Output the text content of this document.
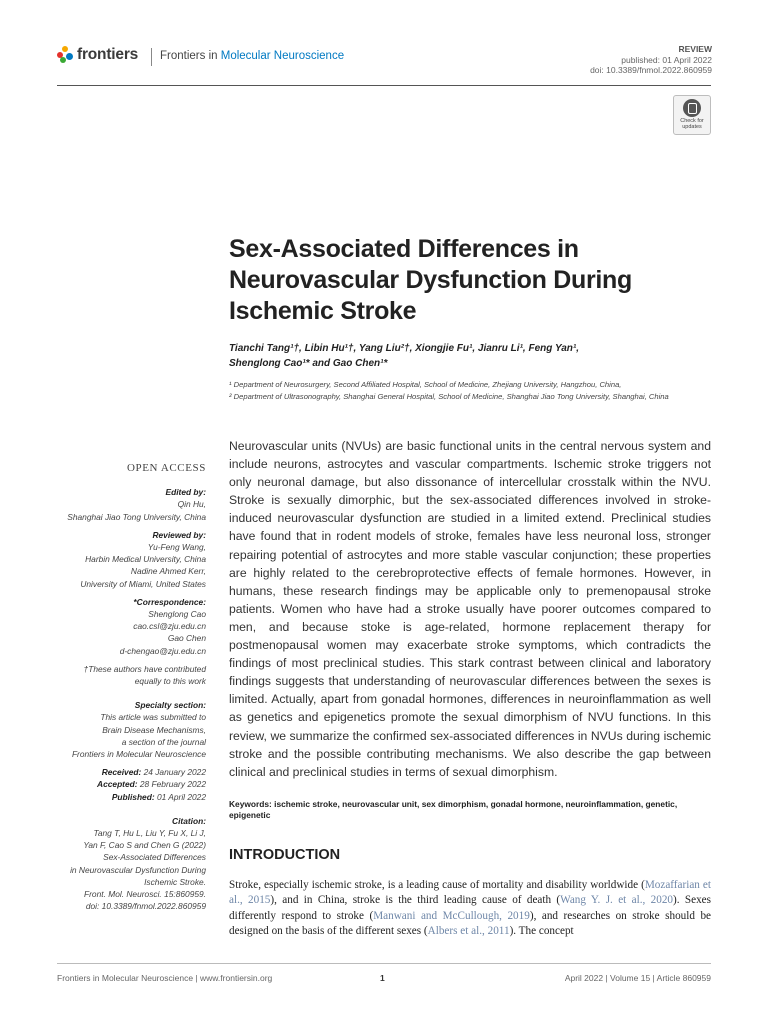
frontiers Frontiers in Molecular Neuroscience
REVIEW
published: 01 April 2022
doi: 10.3389/fnmol.2022.860959
Check for updates
Sex-Associated Differences in Neurovascular Dysfunction During Ischemic Stroke
Tianchi Tang¹†, Libin Hu¹†, Yang Liu²†, Xiongjie Fu¹, Jianru Li¹, Feng Yan¹,
Shenglong Cao¹* and Gao Chen¹*
¹ Department of Neurosurgery, Second Affiliated Hospital, School of Medicine, Zhejiang University, Hangzhou, China,
² Department of Ultrasonography, Shanghai General Hospital, School of Medicine, Shanghai Jiao Tong University, Shanghai, China
Neurovascular units (NVUs) are basic functional units in the central nervous system and include neurons, astrocytes and vascular compartments. Ischemic stroke triggers not only neuronal damage, but also dissonance of intercellular crosstalk within the NVU. Stroke is sexually dimorphic, but the sex-associated differences involved in stroke-induced neurovascular dysfunction are studied in a limited extend. Preclinical studies have found that in rodent models of stroke, females have less neuronal loss, stronger repairing potential of astrocytes and more stable vascular conjunction; these properties are highly related to the cerebroprotective effects of female hormones. However, in humans, these research findings may be applicable only to premenopausal stroke patients. Women who have had a stroke usually have poorer outcomes compared to men, and because stoke is age-related, hormone replacement therapy for postmenopausal women may exacerbate stroke symptoms, which contradicts the findings of most preclinical studies. This stark contrast between clinical and laboratory findings suggests that understanding of neurovascular differences between the sexes is limited. Actually, apart from gonadal hormones, differences in neuroinflammation as well as genetics and epigenetics promote the sexual dimorphism of NVU functions. In this review, we summarize the confirmed sex-associated differences in NVUs during ischemic stroke and the possible contributing mechanisms. We also describe the gap between clinical and preclinical studies in terms of sexual dimorphism.
Keywords: ischemic stroke, neurovascular unit, sex dimorphism, gonadal hormone, neuroinflammation, genetic, epigenetic
INTRODUCTION
Stroke, especially ischemic stroke, is a leading cause of mortality and disability worldwide (Mozaffarian et al., 2015), and in China, stroke is the third leading cause of death (Wang Y. J. et al., 2020). Sexes differently respond to stroke (Manwani and McCullough, 2019), and researches on stroke should be designed on the basis of the different sexes (Albers et al., 2011). The concept
OPEN ACCESS
Edited by:
Qin Hu,
Shanghai Jiao Tong University, China
Reviewed by:
Yu-Feng Wang,
Harbin Medical University, China
Nadine Ahmed Kerr,
University of Miami, United States
*Correspondence:
Shenglong Cao
cao.csl@zju.edu.cn
Gao Chen
d-chengao@zju.edu.cn
†These authors have contributed
equally to this work
Specialty section:
This article was submitted to
Brain Disease Mechanisms,
a section of the journal
Frontiers in Molecular Neuroscience
Received: 24 January 2022
Accepted: 28 February 2022
Published: 01 April 2022
Citation:
Tang T, Hu L, Liu Y, Fu X, Li J,
Yan F, Cao S and Chen G (2022)
Sex-Associated Differences
in Neurovascular Dysfunction During
Ischemic Stroke.
Front. Mol. Neurosci. 15:860959.
doi: 10.3389/fnmol.2022.860959
Frontiers in Molecular Neuroscience | www.frontiersin.org	1	April 2022 | Volume 15 | Article 860959
